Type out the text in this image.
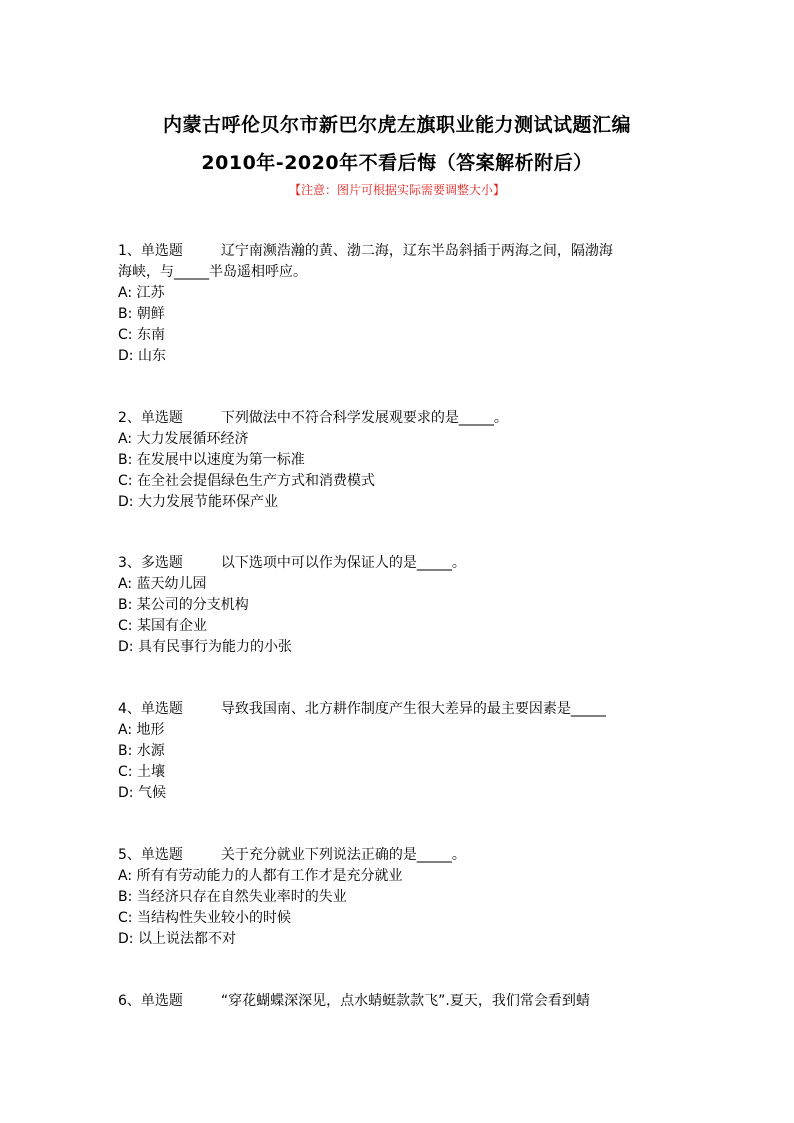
内蒙古呼伦贝尔市新巴尔虎左旗职业能力测试试题汇编
2010年-2020年不看后悔（答案解析附后）
【注意：图片可根据实际需要调整大小】
1、单选题	辽宁南濒浩瀚的黄、渤二海，辽东半岛斜插于两海之间，隔渤海
海峡，与_____半岛遥相呼应。
A: 江苏
B: 朝鲜
C: 东南
D: 山东
2、单选题	下列做法中不符合科学发展观要求的是_____。
A: 大力发展循环经济
B: 在发展中以速度为第一标准
C: 在全社会提倡绿色生产方式和消费模式
D: 大力发展节能环保产业
3、多选题	以下选项中可以作为保证人的是_____。
A: 蓝天幼儿园
B: 某公司的分支机构
C: 某国有企业
D: 具有民事行为能力的小张
4、单选题	导致我国南、北方耕作制度产生很大差异的最主要因素是_____
A: 地形
B: 水源
C: 土壤
D: 气候
5、单选题	关于充分就业下列说法正确的是_____。
A: 所有有劳动能力的人都有工作才是充分就业
B: 当经济只存在自然失业率时的失业
C: 当结构性失业较小的时候
D: 以上说法都不对
6、单选题	“穿花蝴蝶深深见，点水蜻蜓款款飞”.夏天，我们常会看到蜻
